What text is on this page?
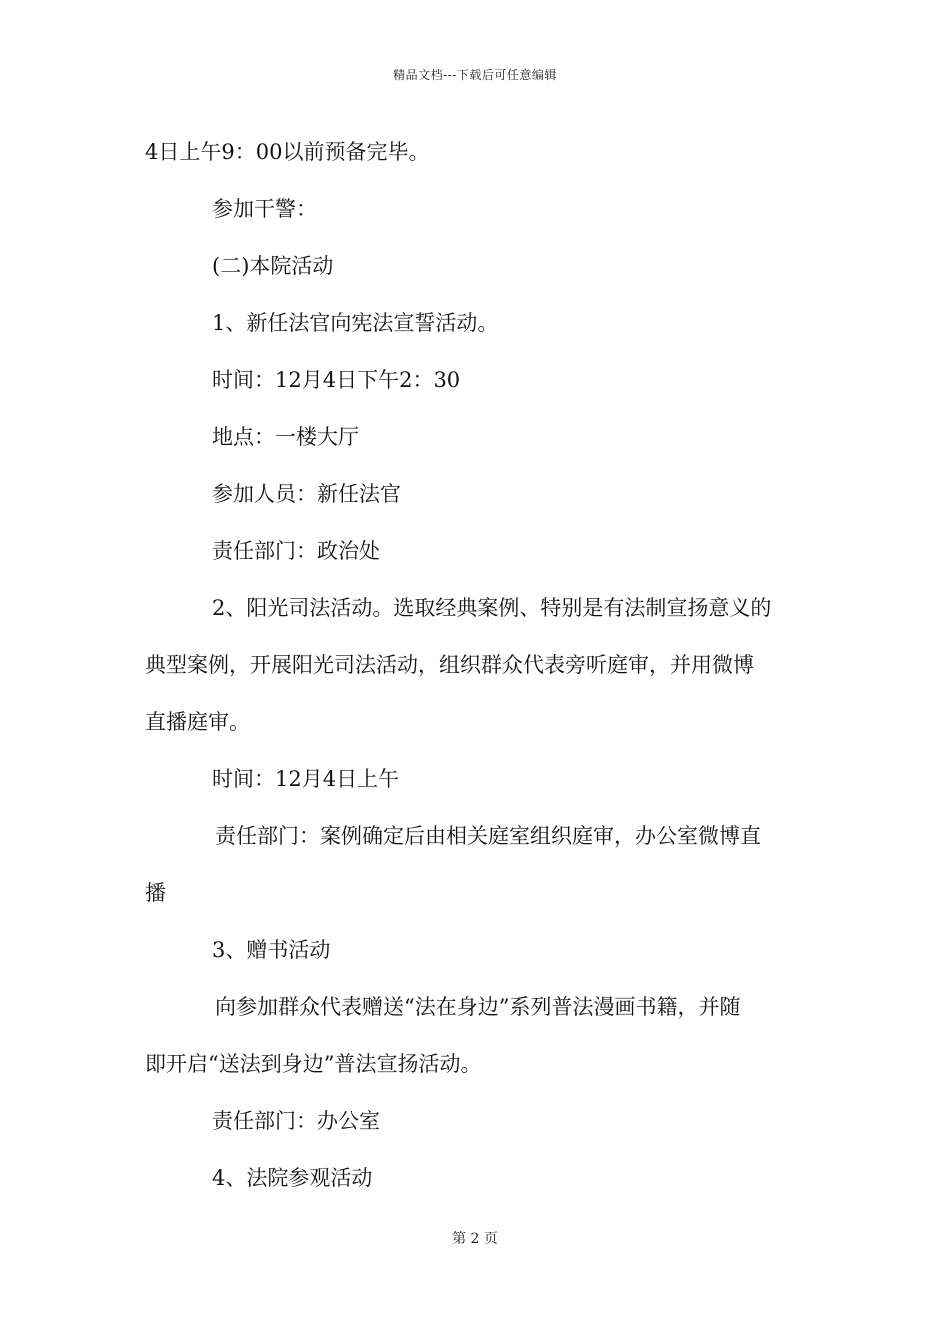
精品文档---下载后可任意编辑
4日上午9：00以前预备完毕。
参加干警：
(二)本院活动
1、新任法官向宪法宣誓活动。
时间：12月4日下午2：30
地点：一楼大厅
参加人员：新任法官
责任部门：政治处
2、阳光司法活动。选取经典案例、特别是有法制宣扬意义的
典型案例，开展阳光司法活动，组织群众代表旁听庭审，并用微博
直播庭审。
时间：12月4日上午
责任部门：案例确定后由相关庭室组织庭审，办公室微博直
播
3、赠书活动
向参加群众代表赠送“法在身边”系列普法漫画书籍，并随
即开启“送法到身边”普法宣扬活动。
责任部门：办公室
4、法院参观活动
第 2 页
